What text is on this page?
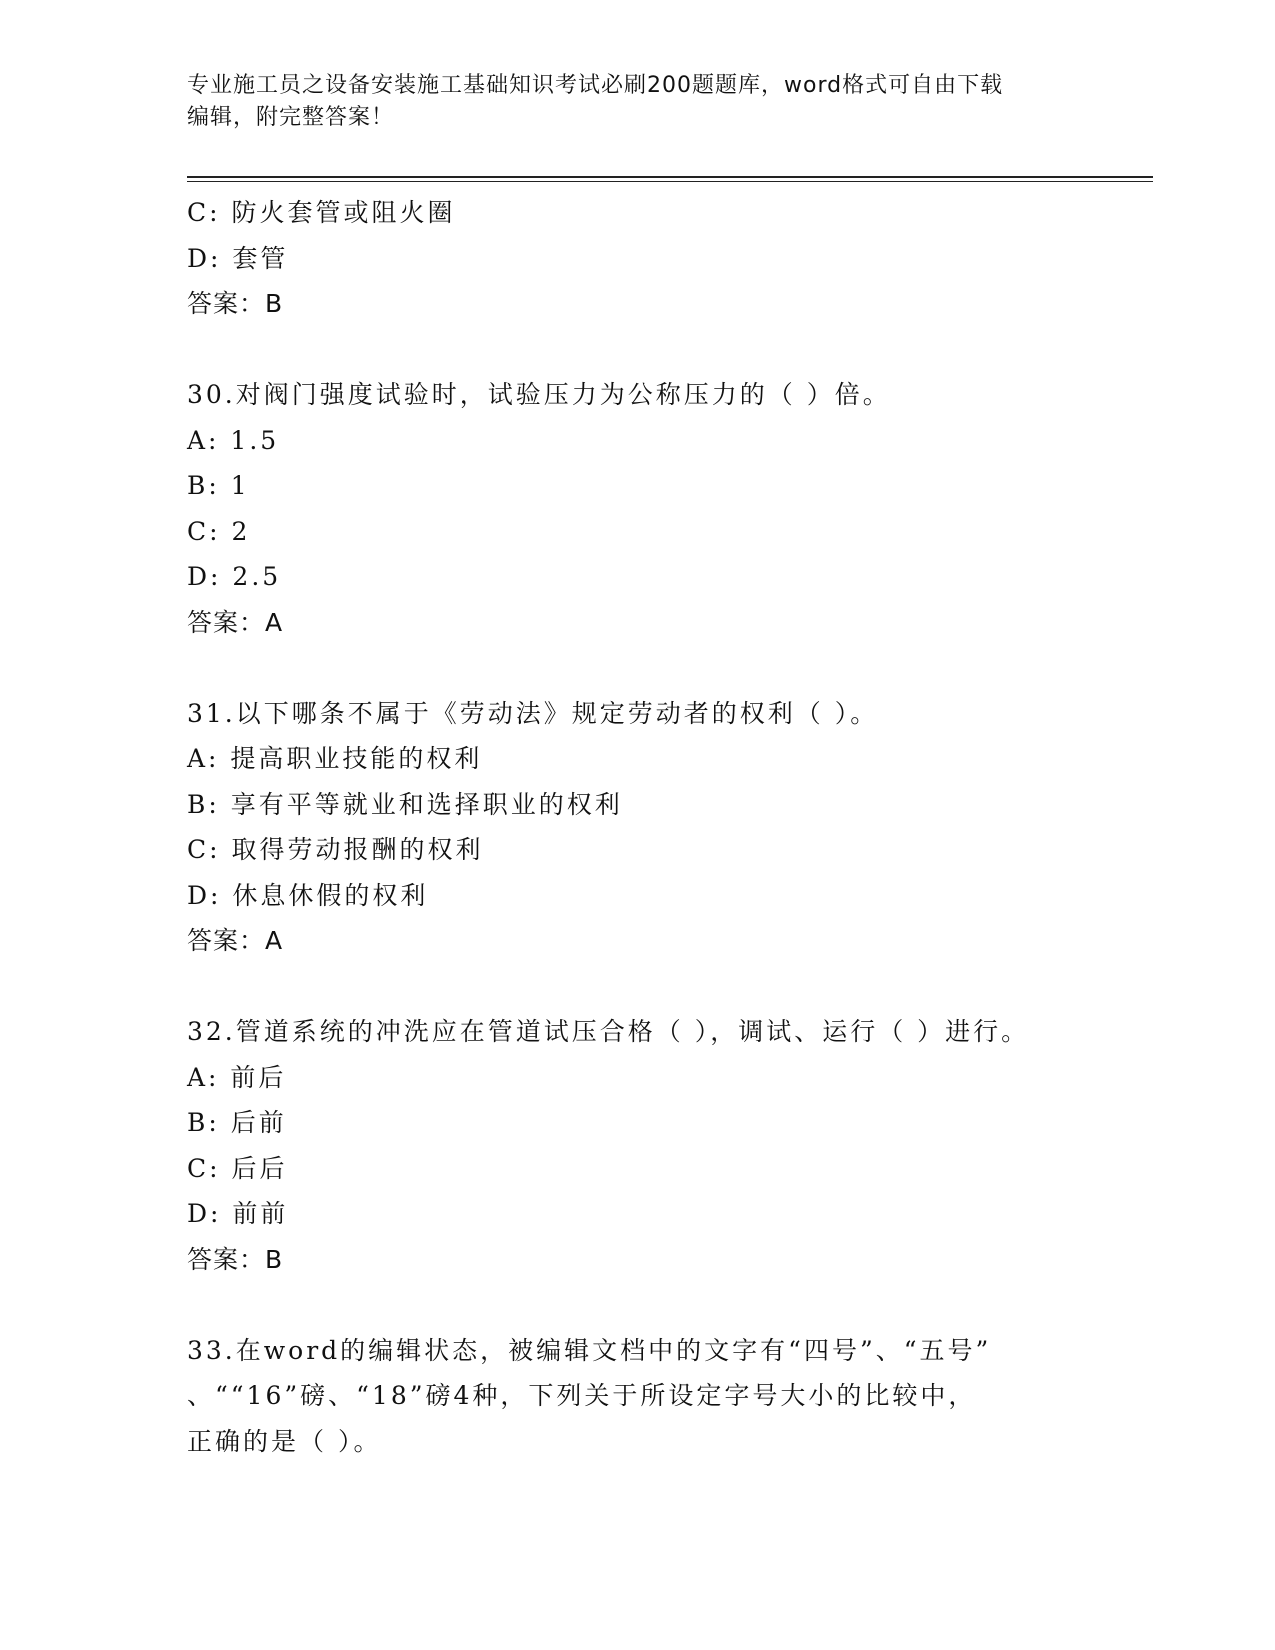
专业施工员之设备安装施工基础知识考试必刷200题题库，word格式可自由下载
编辑，附完整答案！
C: 防火套管或阻火圈
D: 套管
答案：B
30.对阀门强度试验时，试验压力为公称压力的（ ）倍。
A: 1.5
B: 1
C: 2
D: 2.5
答案：A
31.以下哪条不属于《劳动法》规定劳动者的权利（ ）。
A: 提高职业技能的权利
B: 享有平等就业和选择职业的权利
C: 取得劳动报酬的权利
D: 休息休假的权利
答案：A
32.管道系统的冲洗应在管道试压合格（ ），调试、运行（ ）进行。
A: 前后
B: 后前
C: 后后
D: 前前
答案：B
33.在word的编辑状态，被编辑文档中的文字有“四号”、“五号”
、““16”磅、“18”磅4种，下列关于所设定字号大小的比较中，
正确的是（ ）。
